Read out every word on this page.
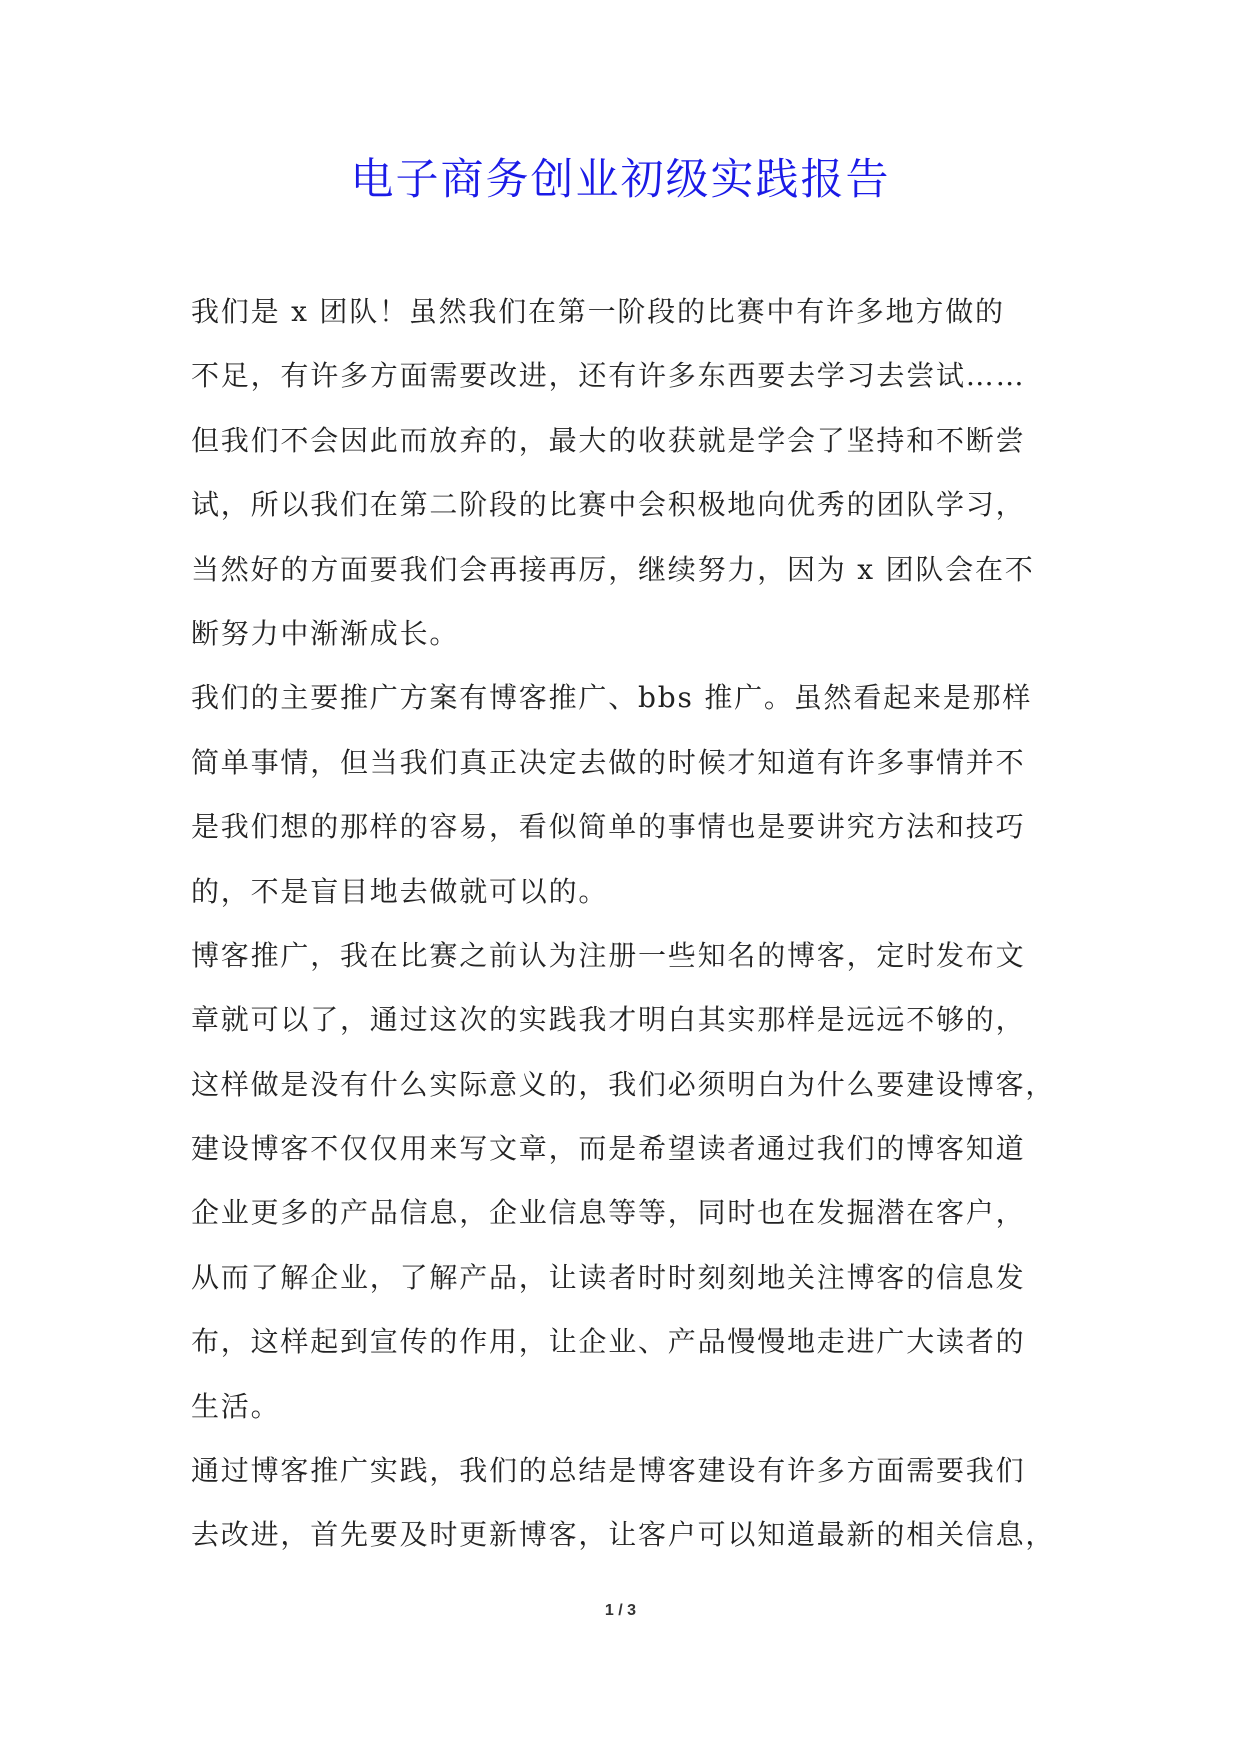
电子商务创业初级实践报告
我们是 x 团队！虽然我们在第一阶段的比赛中有许多地方做的
不足，有许多方面需要改进，还有许多东西要去学习去尝试……
但我们不会因此而放弃的，最大的收获就是学会了坚持和不断尝
试，所以我们在第二阶段的比赛中会积极地向优秀的团队学习，
当然好的方面要我们会再接再厉，继续努力，因为 x 团队会在不
断努力中渐渐成长。
我们的主要推广方案有博客推广、bbs 推广。虽然看起来是那样
简单事情，但当我们真正决定去做的时候才知道有许多事情并不
是我们想的那样的容易，看似简单的事情也是要讲究方法和技巧
的，不是盲目地去做就可以的。
博客推广，我在比赛之前认为注册一些知名的博客，定时发布文
章就可以了，通过这次的实践我才明白其实那样是远远不够的，
这样做是没有什么实际意义的，我们必须明白为什么要建设博客，
建设博客不仅仅用来写文章，而是希望读者通过我们的博客知道
企业更多的产品信息，企业信息等等，同时也在发掘潜在客户，
从而了解企业，了解产品，让读者时时刻刻地关注博客的信息发
布，这样起到宣传的作用，让企业、产品慢慢地走进广大读者的
生活。
通过博客推广实践，我们的总结是博客建设有许多方面需要我们
去改进，首先要及时更新博客，让客户可以知道最新的相关信息，
1 / 3
